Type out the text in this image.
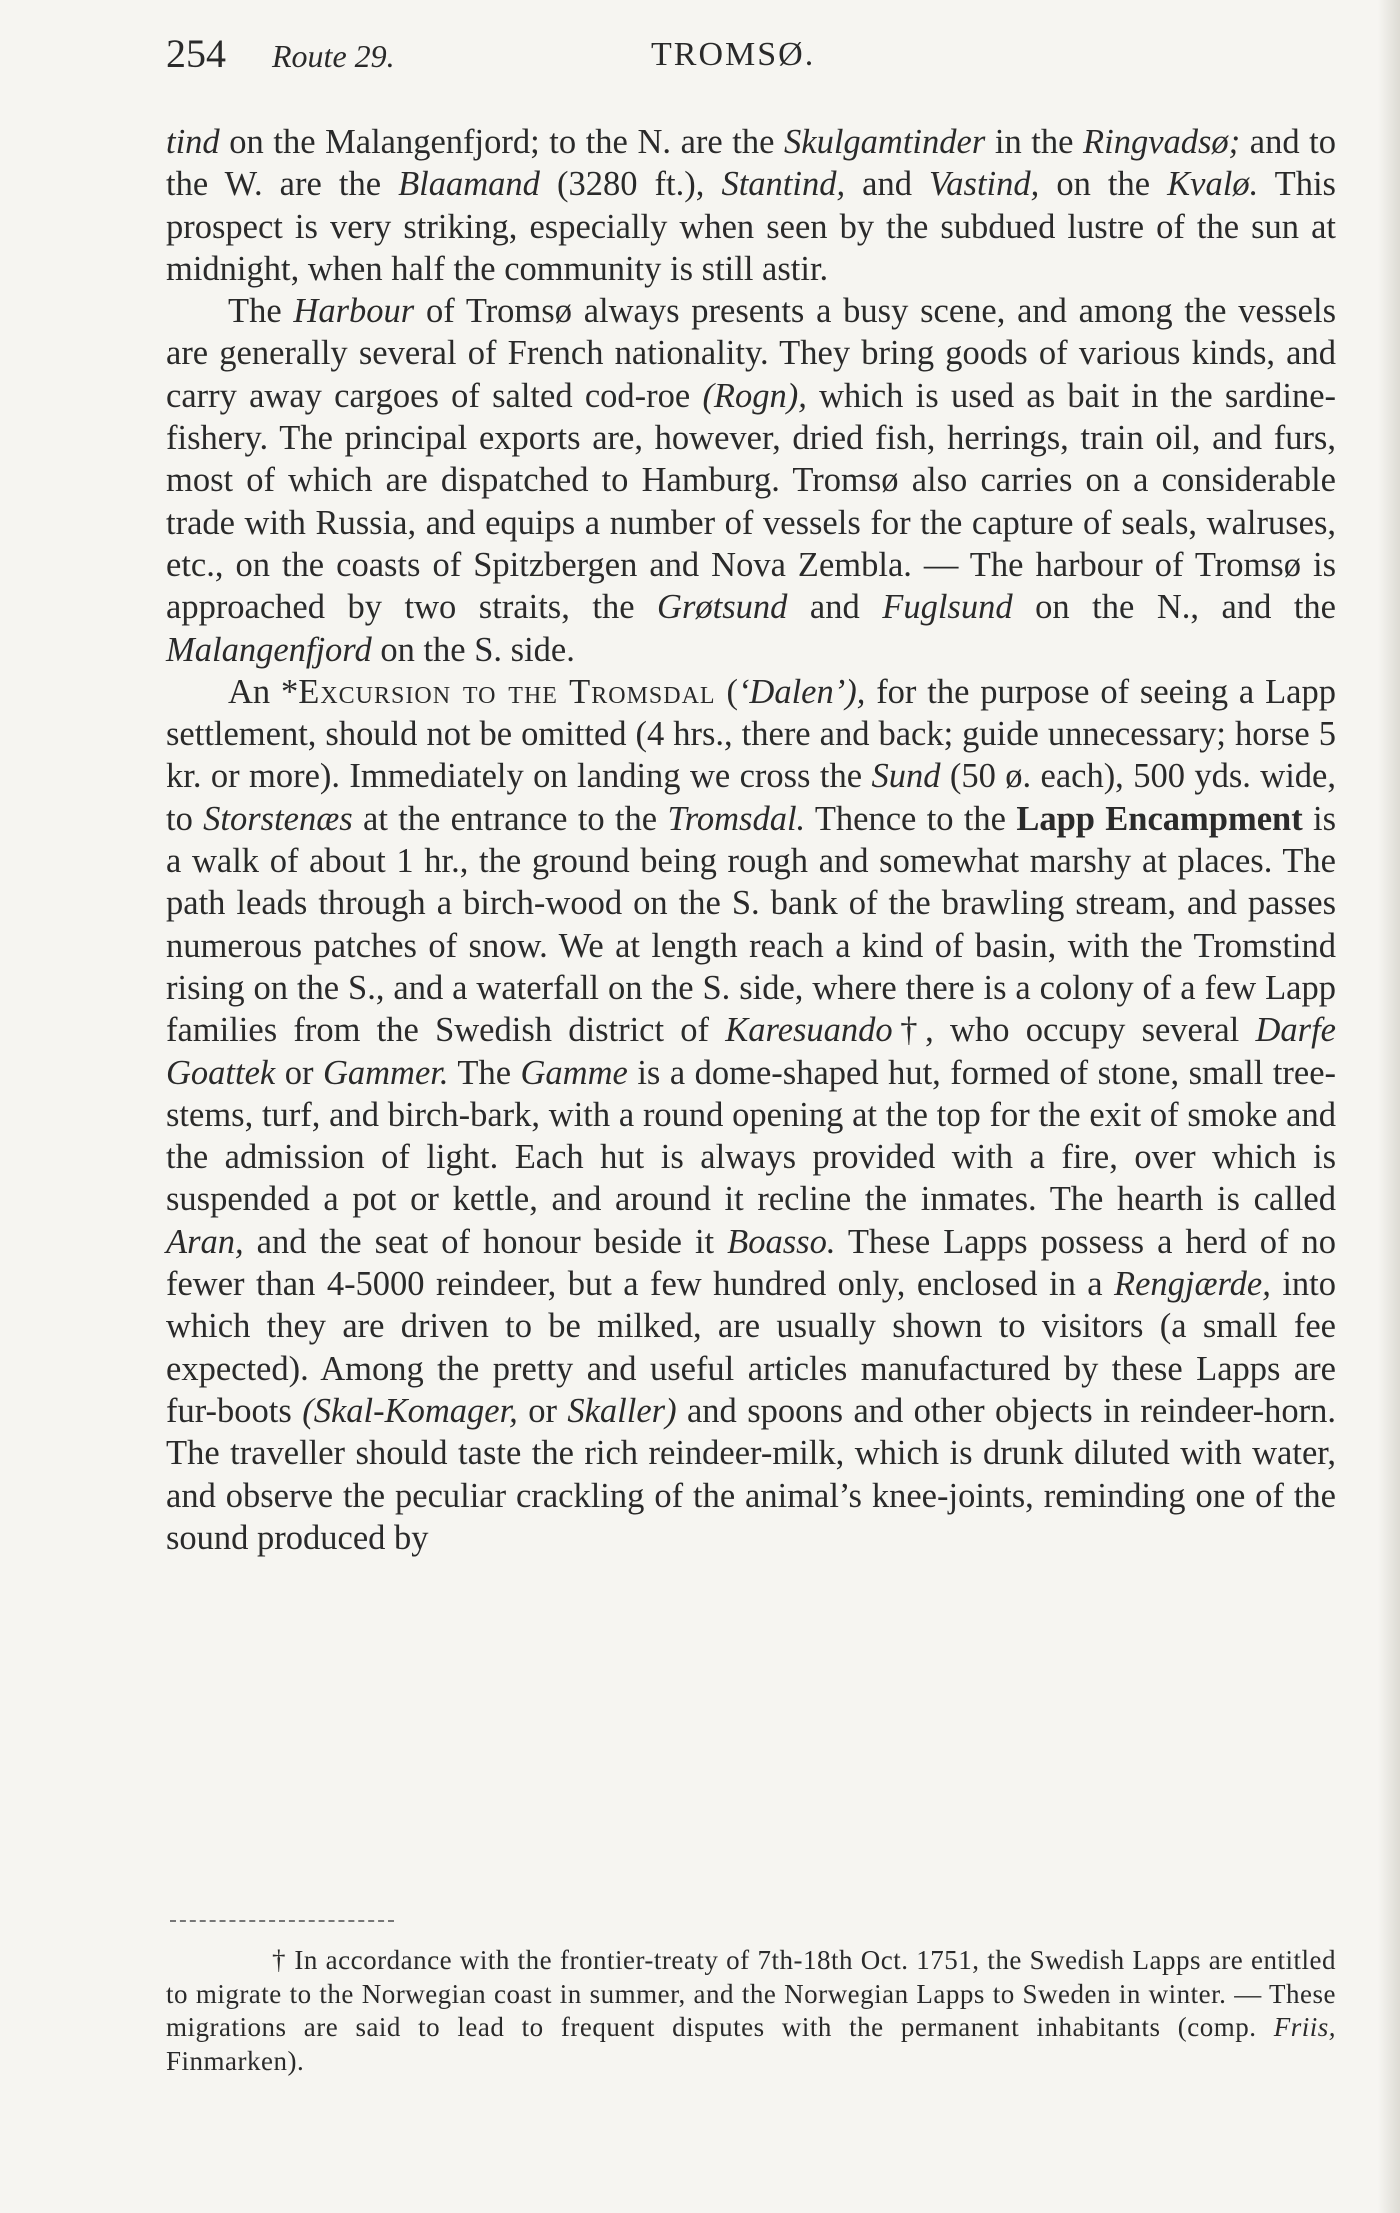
254 Route 29.	TROMSØ.

tind on the Malangenfjord; to the N. are the Skulgamtinder in the Ringvadsø; and to the W. are the Blaamand (3280 ft.), Stantind, and Vastind, on the Kvalø. This prospect is very striking, especially when seen by the subdued lustre of the sun at midnight, when half the community is still astir.

The Harbour of Tromsø always presents a busy scene, and among the vessels are generally several of French nationality. They bring goods of various kinds, and carry away cargoes of salted cod-roe (Rogn), which is used as bait in the sardine-fishery. The principal exports are, however, dried fish, herrings, train oil, and furs, most of which are dispatched to Hamburg. Tromsø also carries on a considerable trade with Russia, and equips a number of vessels for the capture of seals, walruses, etc., on the coasts of Spitzbergen and Nova Zembla. — The harbour of Tromsø is approached by two straits, the Grøtsund and Fuglsund on the N., and the Malangenfjord on the S. side.

An *Excursion to the Tromsdal (‘Dalen’), for the purpose of seeing a Lapp settlement, should not be omitted (4 hrs., there and back; guide unnecessary; horse 5 kr. or more). Immediately on landing we cross the Sund (50 ø. each), 500 yds. wide, to Storstenæs at the entrance to the Tromsdal. Thence to the Lapp Encampment is a walk of about 1 hr., the ground being rough and somewhat marshy at places. The path leads through a birch-wood on the S. bank of the brawling stream, and passes numerous patches of snow. We at length reach a kind of basin, with the Tromstind rising on the S., and a waterfall on the S. side, where there is a colony of a few Lapp families from the Swedish district of Karesuando†, who occupy several Darfe Goattek or Gammer. The Gamme is a dome-shaped hut, formed of stone, small tree-stems, turf, and birch-bark, with a round opening at the top for the exit of smoke and the admission of light. Each hut is always provided with a fire, over which is suspended a pot or kettle, and around it recline the inmates. The hearth is called Aran, and the seat of honour beside it Boasso. These Lapps possess a herd of no fewer than 4-5000 reindeer, but a few hundred only, enclosed in a Rengjærde, into which they are driven to be milked, are usually shown to visitors (a small fee expected). Among the pretty and useful articles manufactured by these Lapps are fur-boots (Skal-Komager, or Skaller) and spoons and other objects in reindeer-horn. The traveller should taste the rich reindeer-milk, which is drunk diluted with water, and observe the peculiar crackling of the animal’s knee-joints, reminding one of the sound produced by

† In accordance with the frontier-treaty of 7th-18th Oct. 1751, the Swedish Lapps are entitled to migrate to the Norwegian coast in summer, and the Norwegian Lapps to Sweden in winter. — These migrations are said to lead to frequent disputes with the permanent inhabitants (comp. Friis, Finmarken).
